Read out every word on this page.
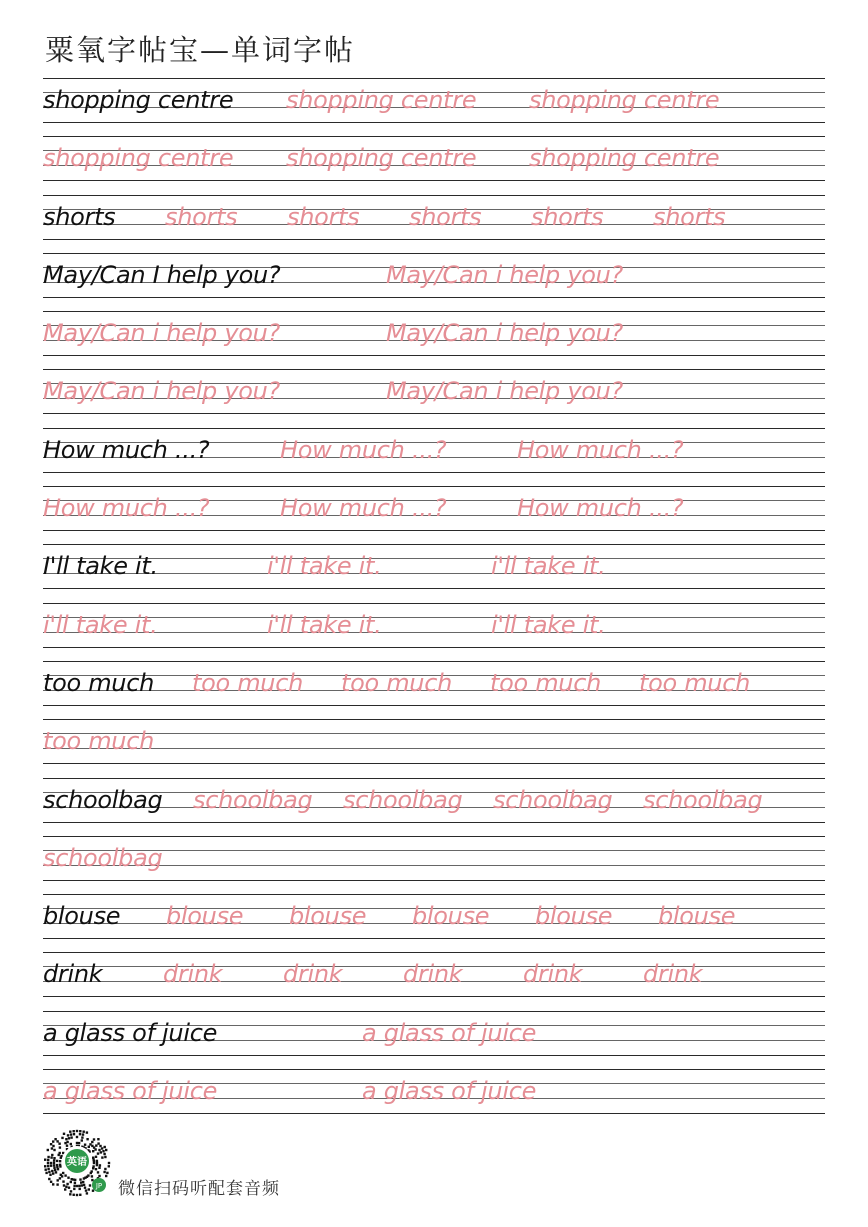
粟氧字帖宝—单词字帖
shopping centre shopping centre shopping centre
shopping centre shopping centre shopping centre
shorts shorts shorts shorts shorts shorts
May/Can I help you?	May/Can i help you?
May/Can i help you?	May/Can i help you?
May/Can i help you?	May/Can i help you?
How much ...?	How much ...?	How much ...?
How much ...?	How much ...?	How much ...?
I'll take it.	i'll take it.	i'll take it.
i'll take it.	i'll take it.	i'll take it.
too much too much too much too much too much
too much
schoolbag schoolbag schoolbag schoolbag schoolbag
schoolbag
blouse blouse blouse blouse blouse blouse
drink	drink	drink	drink	drink	drink
a glass of juice	a glass of juice
a glass of juice	a glass of juice
英语
JP 微信扫码听配套音频
